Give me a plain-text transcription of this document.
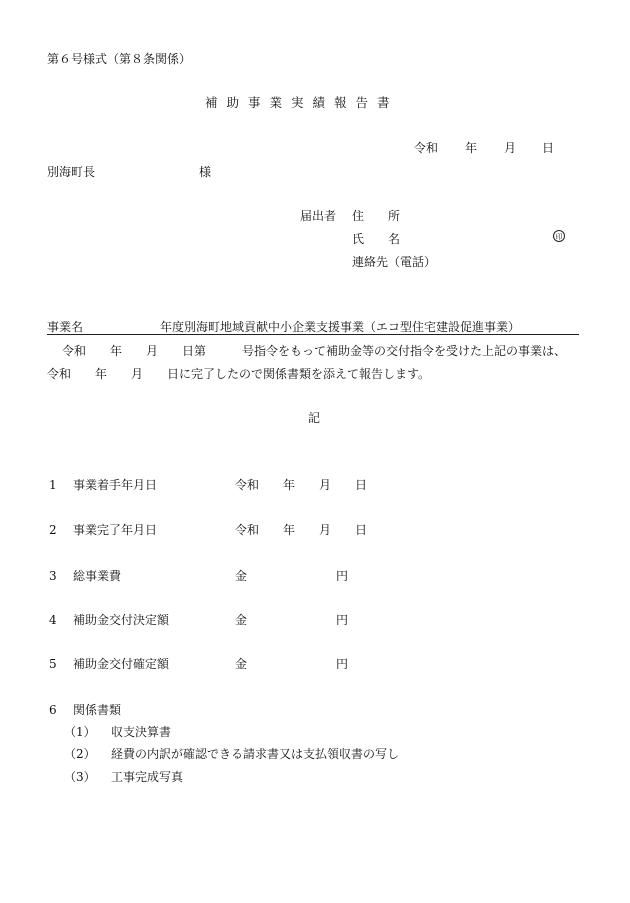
第６号様式（第８条関係）
補助事業実績報告書
令和 年 月 日
別海町長	様
届出者 住　　所
氏　　名	印
連絡先（電話）
事業名	年度別海町地域貢献中小企業支援事業（エコ型住宅建設促進事業）
令和　　年　　月　　日第　　　号指令をもって補助金等の交付指令を受けた上記の事業は、
令和　　年　　月　　日に完了したので関係書類を添えて報告します。
記
1 事業着手年月日	令和　　年　　月　　日
2 事業完了年月日	令和　　年　　月　　日
3 総事業費	金	円
4 補助金交付決定額	金	円
5 補助金交付確定額	金	円
6 関係書類
（1） 収支決算書
（2） 経費の内訳が確認できる請求書又は支払領収書の写し
（3） 工事完成写真
